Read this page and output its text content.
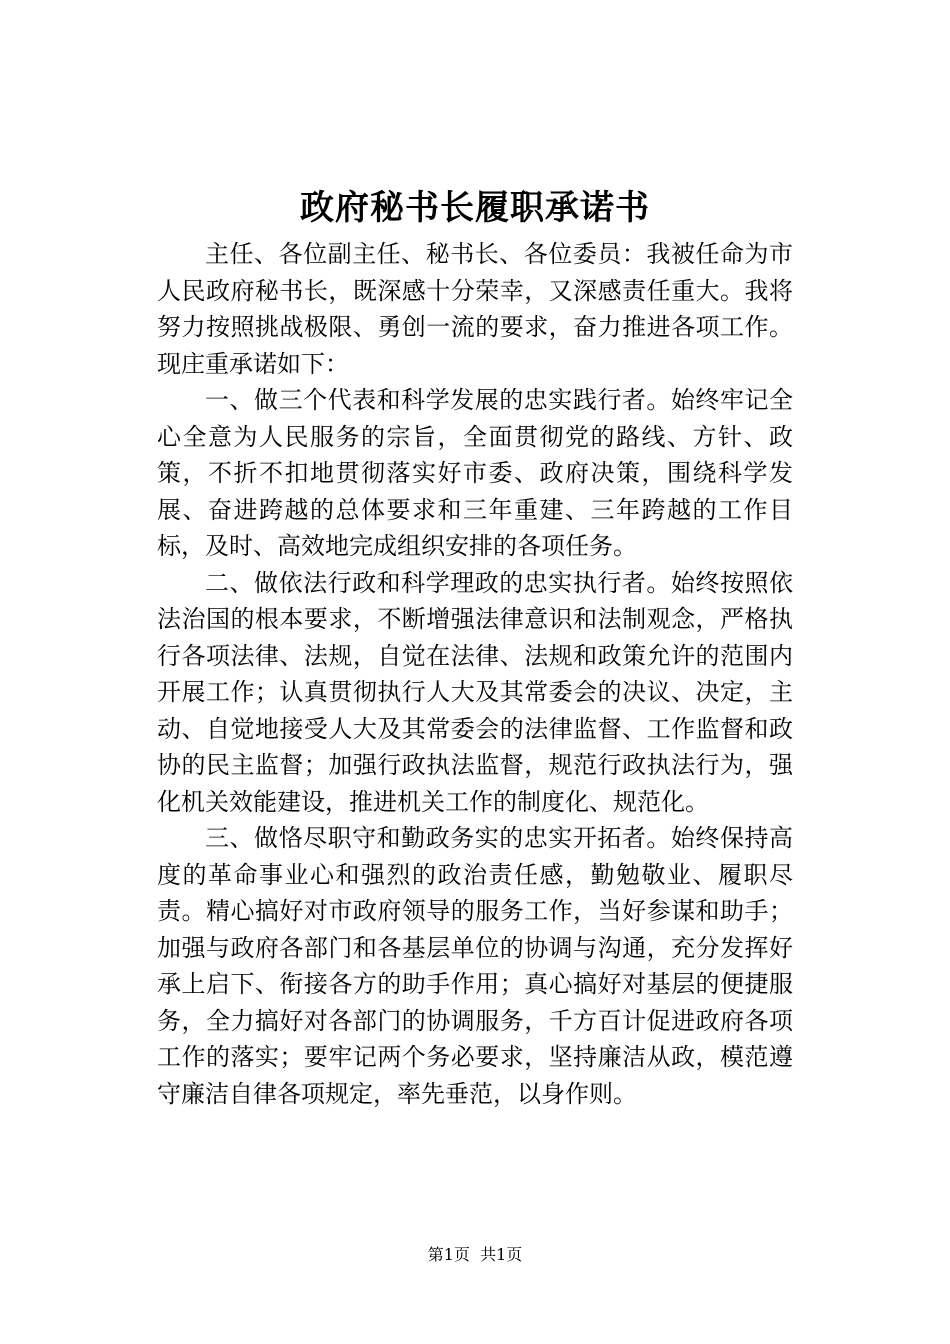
政府秘书长履职承诺书

主任、各位副主任、秘书长、各位委员：我被任命为市人民政府秘书长，既深感十分荣幸，又深感责任重大。我将努力按照挑战极限、勇创一流的要求，奋力推进各项工作。现庄重承诺如下：

一、做三个代表和科学发展的忠实践行者。始终牢记全心全意为人民服务的宗旨，全面贯彻党的路线、方针、政策，不折不扣地贯彻落实好市委、政府决策，围绕科学发展、奋进跨越的总体要求和三年重建、三年跨越的工作目标，及时、高效地完成组织安排的各项任务。

二、做依法行政和科学理政的忠实执行者。始终按照依法治国的根本要求，不断增强法律意识和法制观念，严格执行各项法律、法规，自觉在法律、法规和政策允许的范围内开展工作；认真贯彻执行人大及其常委会的决议、决定，主动、自觉地接受人大及其常委会的法律监督、工作监督和政协的民主监督；加强行政执法监督，规范行政执法行为，强化机关效能建设，推进机关工作的制度化、规范化。

三、做恪尽职守和勤政务实的忠实开拓者。始终保持高度的革命事业心和强烈的政治责任感，勤勉敬业、履职尽责。精心搞好对市政府领导的服务工作，当好参谋和助手；加强与政府各部门和各基层单位的协调与沟通，充分发挥好承上启下、衔接各方的助手作用；真心搞好对基层的便捷服务，全力搞好对各部门的协调服务，千方百计促进政府各项工作的落实；要牢记两个务必要求，坚持廉洁从政，模范遵守廉洁自律各项规定，率先垂范，以身作则。

第1页 共1页
